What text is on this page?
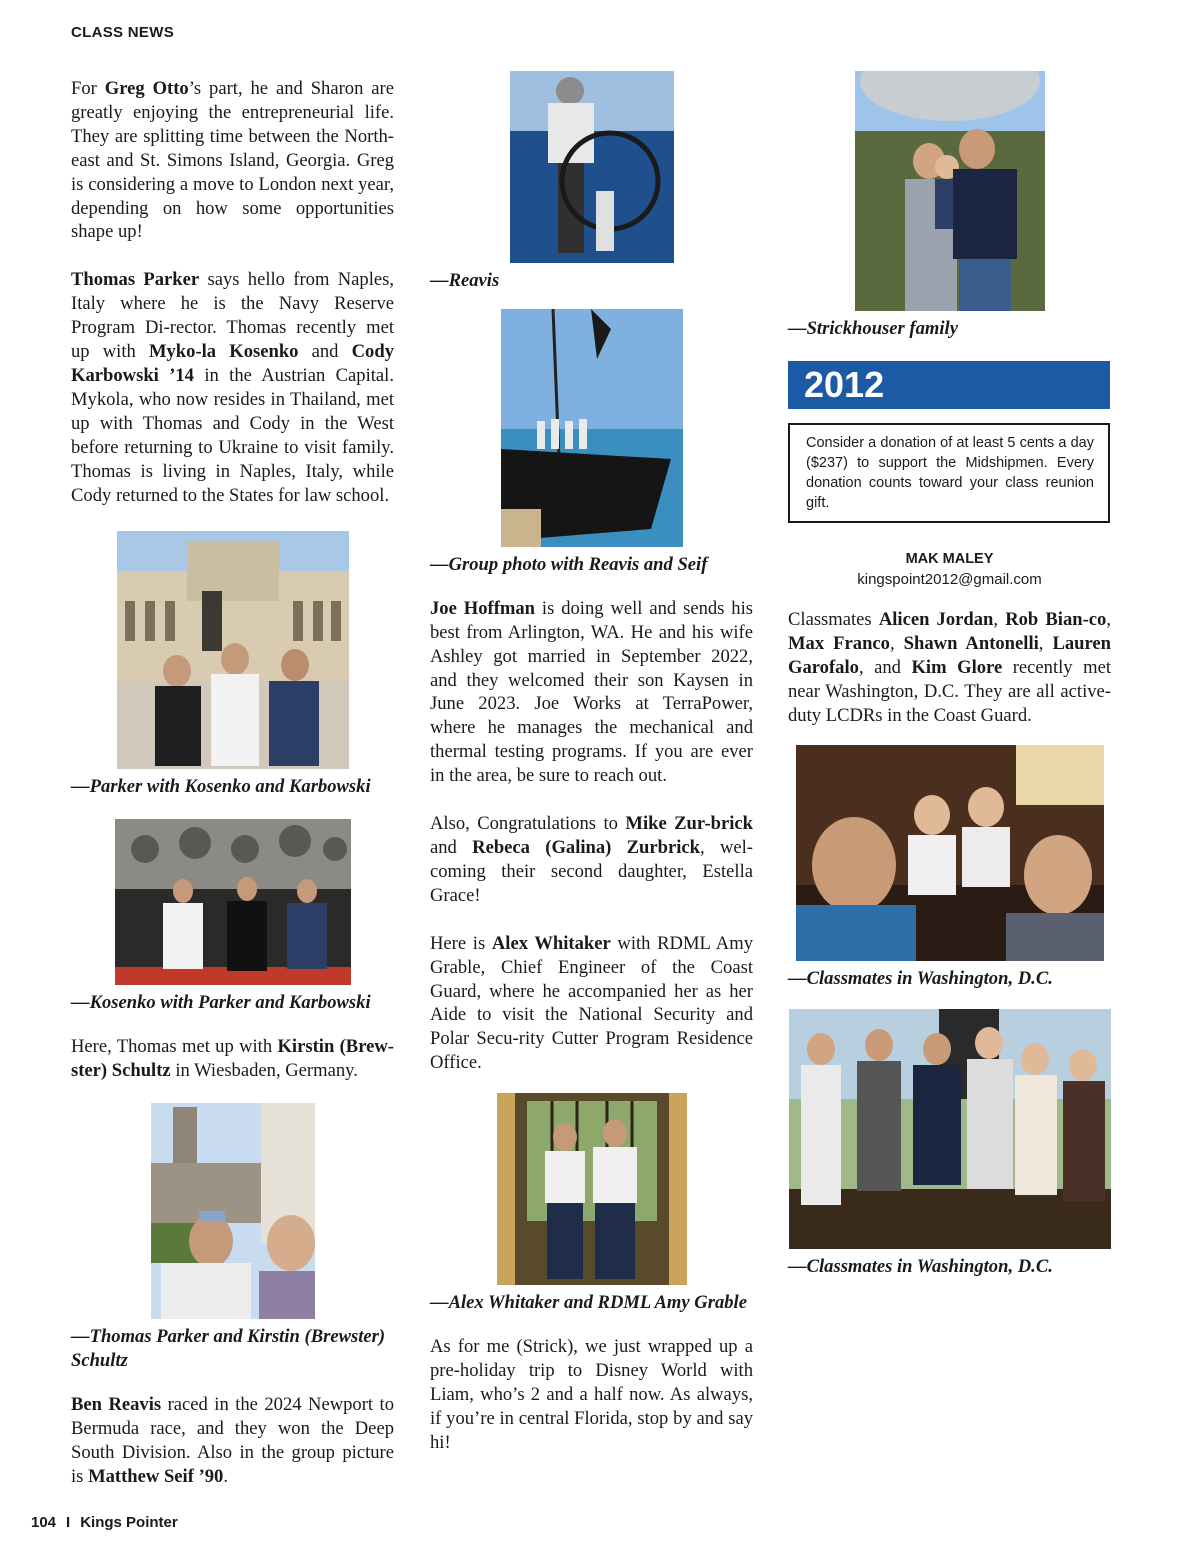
CLASS NEWS

For Greg Otto’s part, he and Sharon are greatly enjoying the entrepreneurial life. They are splitting time between the North-east and St. Simons Island, Georgia. Greg is considering a move to London next year, depending on how some opportunities shape up!

Thomas Parker says hello from Naples, Italy where he is the Navy Reserve Program Di-rector. Thomas recently met up with Myko-la Kosenko and Cody Karbowski ’14 in the Austrian Capital. Mykola, who now resides in Thailand, met up with Thomas and Cody in the West before returning to Ukraine to visit family. Thomas is living in Naples, Italy, while Cody returned to the States for law school.

—Parker with Kosenko and Karbowski
—Kosenko with Parker and Karbowski

Here, Thomas met up with Kirstin (Brew-ster) Schultz in Wiesbaden, Germany.

—Thomas Parker and Kirstin (Brewster) Schultz

Ben Reavis raced in the 2024 Newport to Bermuda race, and they won the Deep South Division. Also in the group picture is Matthew Seif ’90.

—Reavis
—Group photo with Reavis and Seif

Joe Hoffman is doing well and sends his best from Arlington, WA. He and his wife Ashley got married in September 2022, and they welcomed their son Kaysen in June 2023. Joe Works at TerraPower, where he manages the mechanical and thermal testing programs. If you are ever in the area, be sure to reach out.

Also, Congratulations to Mike Zur-brick and Rebeca (Galina) Zurbrick, wel-coming their second daughter, Estella Grace!

Here is Alex Whitaker with RDML Amy Grable, Chief Engineer of the Coast Guard, where he accompanied her as her Aide to visit the National Security and Polar Secu-rity Cutter Program Residence Office.

—Alex Whitaker and RDML Amy Grable

As for me (Strick), we just wrapped up a pre-holiday trip to Disney World with Liam, who’s 2 and a half now. As always, if you’re in central Florida, stop by and say hi!

—Strickhouser family
2012
Consider a donation of at least 5 cents a day ($237) to support the Midshipmen. Every donation counts toward your class reunion gift.
MAK MALEY
kingspoint2012@gmail.com

Classmates Alicen Jordan, Rob Bian-co, Max Franco, Shawn Antonelli, Lauren Garofalo, and Kim Glore recently met near Washington, D.C. They are all active-duty LCDRs in the Coast Guard.

—Classmates in Washington, D.C.
—Classmates in Washington, D.C.
104 I Kings Pointer
